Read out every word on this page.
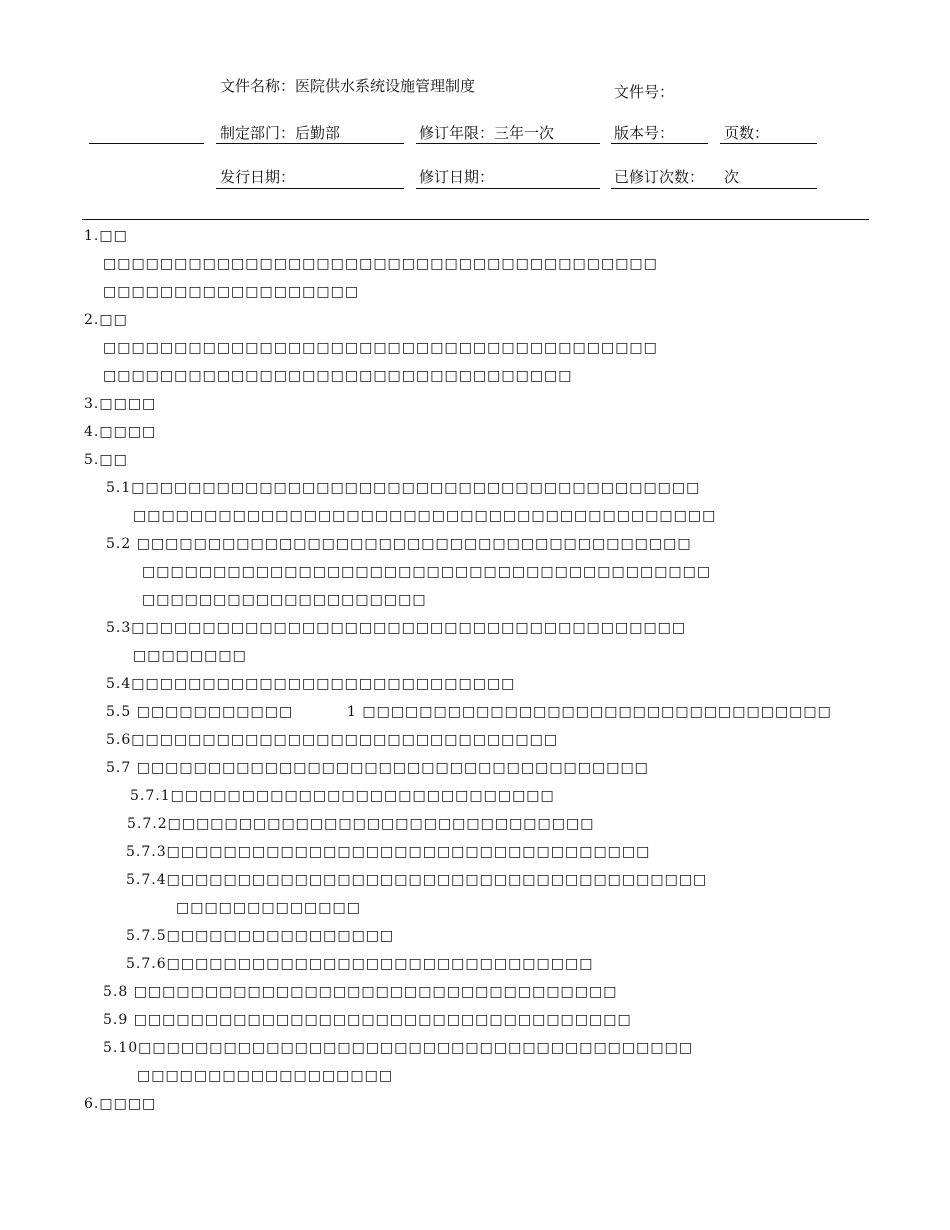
文件名称：医院供水系统设施管理制度	文件号：
制定部门：后勤部	修订年限：三年一次	版本号：	页数：
发行日期：	修订日期：	已修订次数： 次
1.□□
□□□□□□□□□□□□□□□□□□□□□□□□□□□□□□□□□□□□□□□
□□□□□□□□□□□□□□□□□□
2.□□
□□□□□□□□□□□□□□□□□□□□□□□□□□□□□□□□□□□□□□□
□□□□□□□□□□□□□□□□□□□□□□□□□□□□□□□□□
3.□□□□
4.□□□□
5.□□
5.1□□□□□□□□□□□□□□□□□□□□□□□□□□□□□□□□□□□□□□□□
□□□□□□□□□□□□□□□□□□□□□□□□□□□□□□□□□□□□□□□□□
5.2 □□□□□□□□□□□□□□□□□□□□□□□□□□□□□□□□□□□□□□□
□□□□□□□□□□□□□□□□□□□□□□□□□□□□□□□□□□□□□□□□
□□□□□□□□□□□□□□□□□□□□
5.3□□□□□□□□□□□□□□□□□□□□□□□□□□□□□□□□□□□□□□□
□□□□□□□□
5.4□□□□□□□□□□□□□□□□□□□□□□□□□□□
5.5 □□□□□□□□□□□	1 □□□□□□□□□□□□□□□□□□□□□□□□□□□□□□□□□
5.6□□□□□□□□□□□□□□□□□□□□□□□□□□□□□□
5.7 □□□□□□□□□□□□□□□□□□□□□□□□□□□□□□□□□□□□
5.7.1□□□□□□□□□□□□□□□□□□□□□□□□□□□
5.7.2□□□□□□□□□□□□□□□□□□□□□□□□□□□□□□
5.7.3□□□□□□□□□□□□□□□□□□□□□□□□□□□□□□□□□□
5.7.4□□□□□□□□□□□□□□□□□□□□□□□□□□□□□□□□□□□□□□
□□□□□□□□□□□□□
5.7.5□□□□□□□□□□□□□□□□
5.7.6□□□□□□□□□□□□□□□□□□□□□□□□□□□□□□
5.8 □□□□□□□□□□□□□□□□□□□□□□□□□□□□□□□□□□
5.9 □□□□□□□□□□□□□□□□□□□□□□□□□□□□□□□□□□□
5.10□□□□□□□□□□□□□□□□□□□□□□□□□□□□□□□□□□□□□□□
□□□□□□□□□□□□□□□□□□
6.□□□□
